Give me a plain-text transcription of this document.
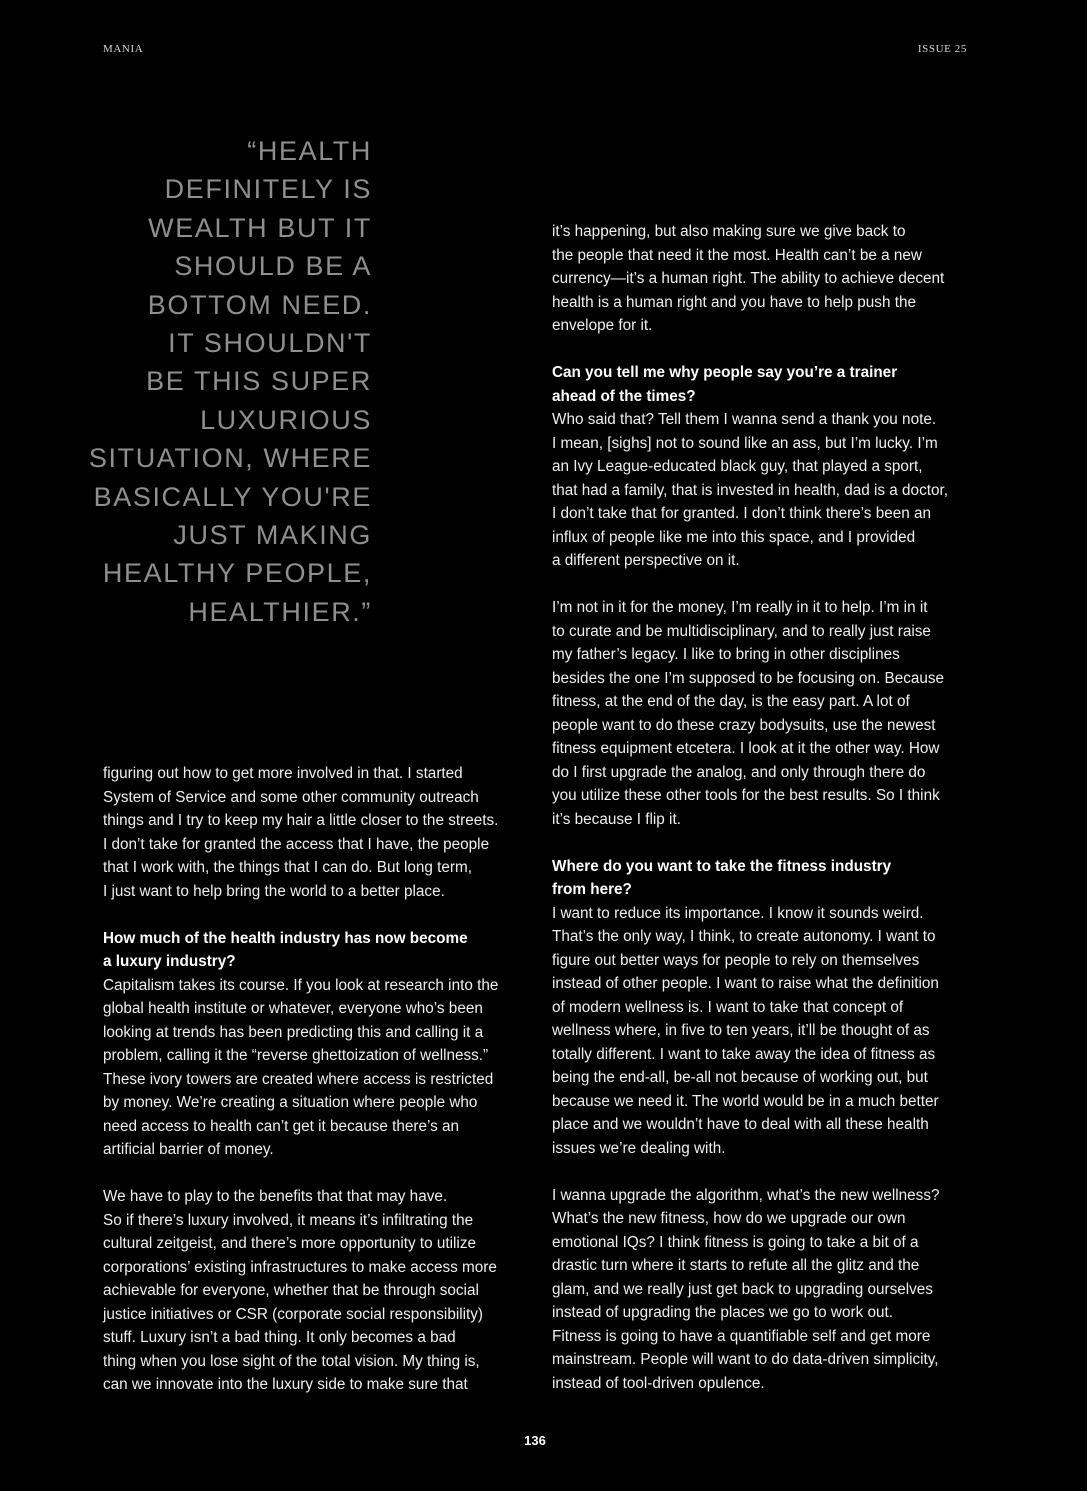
MANIA	ISSUE 25
“HEALTH
DEFINITELY IS
WEALTH BUT IT
SHOULD BE A
BOTTOM NEED.
IT SHOULDN'T
BE THIS SUPER
LUXURIOUS
SITUATION, WHERE
BASICALLY YOU'RE
JUST MAKING
HEALTHY PEOPLE,
HEALTHIER.”

figuring out how to get more involved in that. I started
System of Service and some other community outreach
things and I try to keep my hair a little closer to the streets.
I don’t take for granted the access that I have, the people
that I work with, the things that I can do. But long term,
I just want to help bring the world to a better place.

How much of the health industry has now become
a luxury industry?
Capitalism takes its course. If you look at research into the
global health institute or whatever, everyone who’s been
looking at trends has been predicting this and calling it a
problem, calling it the “reverse ghettoization of wellness.”
These ivory towers are created where access is restricted
by money. We’re creating a situation where people who
need access to health can’t get it because there’s an
artificial barrier of money.

We have to play to the benefits that that may have.
So if there’s luxury involved, it means it’s infiltrating the
cultural zeitgeist, and there’s more opportunity to utilize
corporations’ existing infrastructures to make access more
achievable for everyone, whether that be through social
justice initiatives or CSR (corporate social responsibility)
stuff. Luxury isn’t a bad thing. It only becomes a bad
thing when you lose sight of the total vision. My thing is,
can we innovate into the luxury side to make sure that

it’s happening, but also making sure we give back to
the people that need it the most. Health can’t be a new
currency—it’s a human right. The ability to achieve decent
health is a human right and you have to help push the
envelope for it.

Can you tell me why people say you’re a trainer
ahead of the times?
Who said that? Tell them I wanna send a thank you note.
I mean, [sighs] not to sound like an ass, but I’m lucky. I’m
an Ivy League-educated black guy, that played a sport,
that had a family, that is invested in health, dad is a doctor,
I don’t take that for granted. I don’t think there’s been an
influx of people like me into this space, and I provided
a different perspective on it.

I’m not in it for the money, I’m really in it to help. I’m in it
to curate and be multidisciplinary, and to really just raise
my father’s legacy. I like to bring in other disciplines
besides the one I’m supposed to be focusing on. Because
fitness, at the end of the day, is the easy part. A lot of
people want to do these crazy bodysuits, use the newest
fitness equipment etcetera. I look at it the other way. How
do I first upgrade the analog, and only through there do
you utilize these other tools for the best results. So I think
it’s because I flip it.

Where do you want to take the fitness industry
from here?
I want to reduce its importance. I know it sounds weird.
That’s the only way, I think, to create autonomy. I want to
figure out better ways for people to rely on themselves
instead of other people. I want to raise what the definition
of modern wellness is. I want to take that concept of
wellness where, in five to ten years, it’ll be thought of as
totally different. I want to take away the idea of fitness as
being the end-all, be-all not because of working out, but
because we need it. The world would be in a much better
place and we wouldn’t have to deal with all these health
issues we’re dealing with.

I wanna upgrade the algorithm, what’s the new wellness?
What’s the new fitness, how do we upgrade our own
emotional IQs? I think fitness is going to take a bit of a
drastic turn where it starts to refute all the glitz and the
glam, and we really just get back to upgrading ourselves
instead of upgrading the places we go to work out.
Fitness is going to have a quantifiable self and get more
mainstream. People will want to do data-driven simplicity,
instead of tool-driven opulence.

136
